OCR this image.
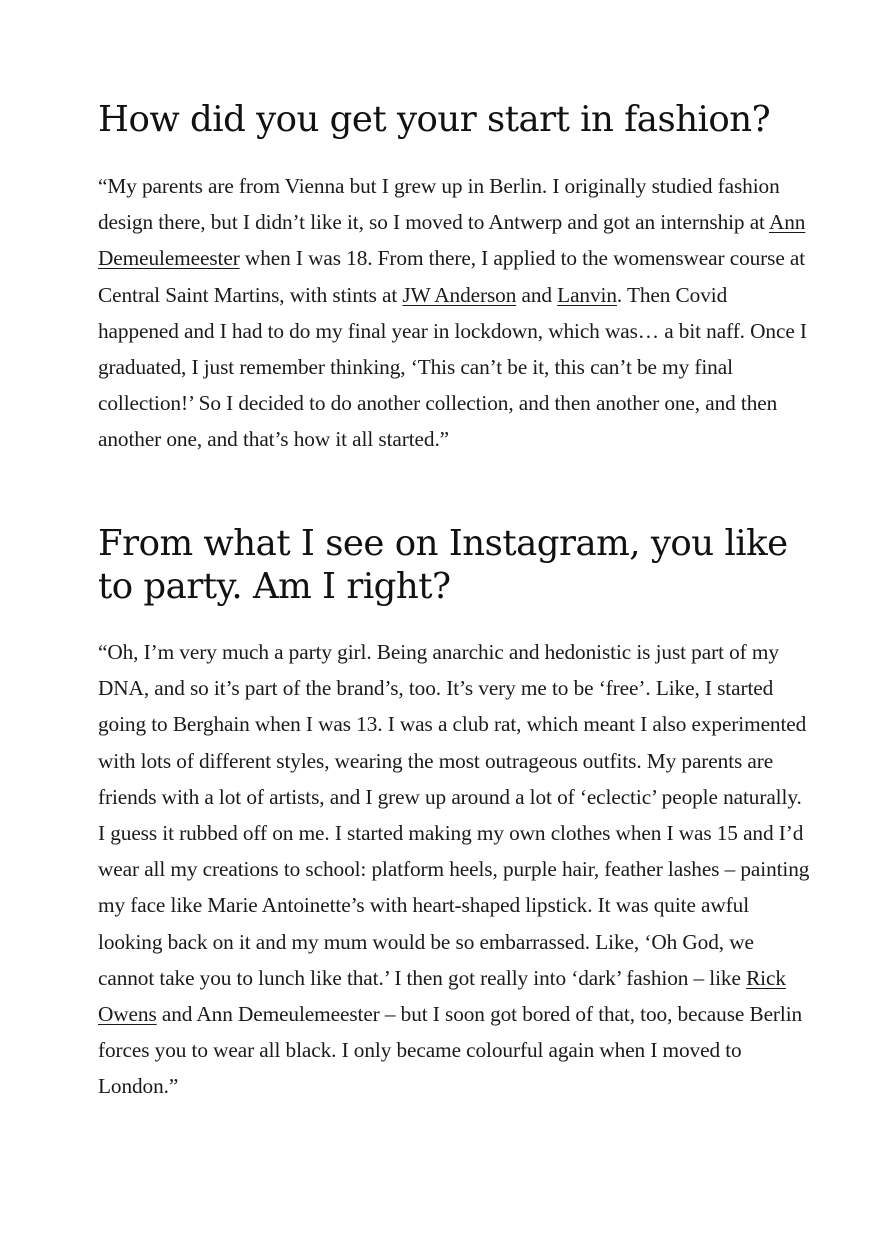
How did you get your start in fashion?

“My parents are from Vienna but I grew up in Berlin. I originally studied fashion design there, but I didn’t like it, so I moved to Antwerp and got an internship at Ann Demeulemeester when I was 18. From there, I applied to the womenswear course at Central Saint Martins, with stints at JW Anderson and Lanvin. Then Covid happened and I had to do my final year in lockdown, which was… a bit naff. Once I graduated, I just remember thinking, ‘This can’t be it, this can’t be my final collection!’ So I decided to do another collection, and then another one, and then another one, and that’s how it all started.”

From what I see on Instagram, you like to party. Am I right?

“Oh, I’m very much a party girl. Being anarchic and hedonistic is just part of my DNA, and so it’s part of the brand’s, too. It’s very me to be ‘free’. Like, I started going to Berghain when I was 13. I was a club rat, which meant I also experimented with lots of different styles, wearing the most outrageous outfits. My parents are friends with a lot of artists, and I grew up around a lot of ‘eclectic’ people naturally. I guess it rubbed off on me. I started making my own clothes when I was 15 and I’d wear all my creations to school: platform heels, purple hair, feather lashes – painting my face like Marie Antoinette’s with heart-shaped lipstick. It was quite awful looking back on it and my mum would be so embarrassed. Like, ‘Oh God, we cannot take you to lunch like that.’ I then got really into ‘dark’ fashion – like Rick Owens and Ann Demeulemeester – but I soon got bored of that, too, because Berlin forces you to wear all black. I only became colourful again when I moved to London.”
